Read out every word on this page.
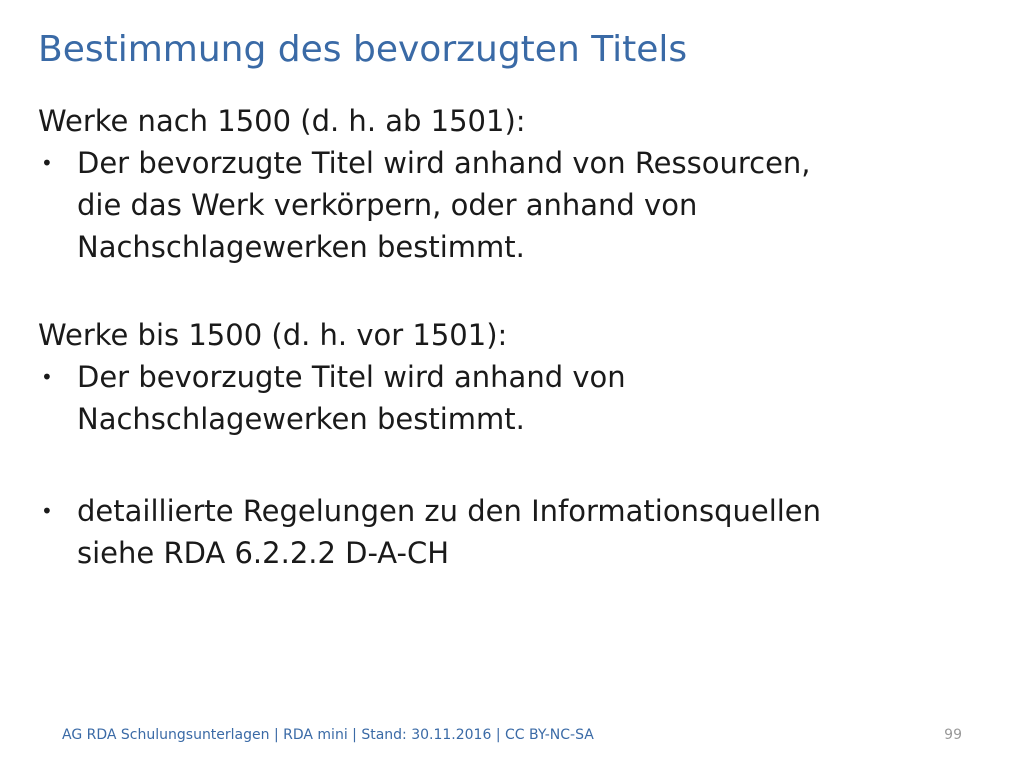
Bestimmung des bevorzugten Titels

Werke nach 1500 (d. h. ab 1501):

• Der bevorzugte Titel wird anhand von Ressourcen,
die das Werk verkörpern, oder anhand von
Nachschlagewerken bestimmt.

Werke bis 1500 (d. h. vor 1501):

• Der bevorzugte Titel wird anhand von
Nachschlagewerken bestimmt.
• detaillierte Regelungen zu den Informationsquellen
siehe RDA 6.2.2.2 D-A-CH
AG RDA Schulungsunterlagen | RDA mini | Stand: 30.11.2016 | CC BY-NC-SA	99
